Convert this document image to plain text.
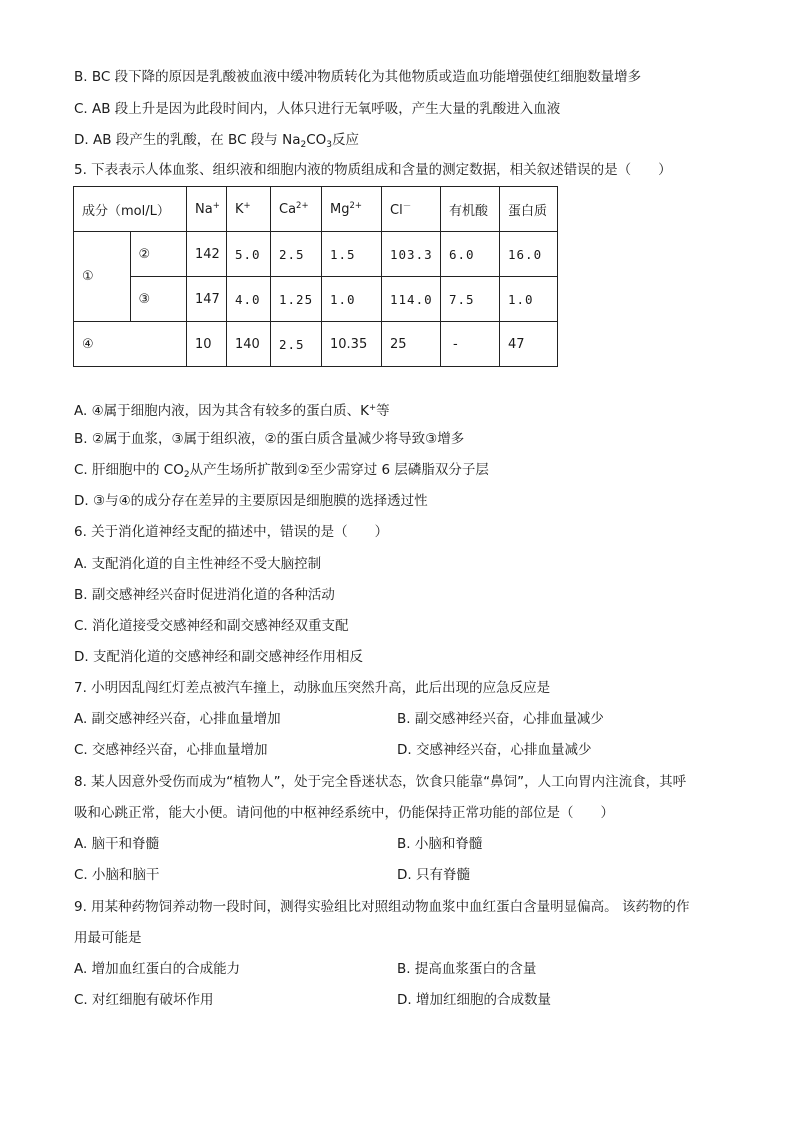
B. BC 段下降的原因是乳酸被血液中缓冲物质转化为其他物质或造血功能增强使红细胞数量增多
C. AB 段上升是因为此段时间内，人体只进行无氧呼吸，产生大量的乳酸进入血液
D. AB 段产生的乳酸，在 BC 段与 $Na_2CO_3$反应
5. 下表表示人体血浆、组织液和细胞内液的物质组成和含量的测定数据，相关叙述错误的是（　　）
成分（mol/L）		Na+	K+	$Ca^{2+}$	$Mg^{2+}$	Cl－	有机酸	蛋白质
①	②	142	5.0	2.5	1.5	103.3	6.0	16.0
	③	147	4.0	1.25	1.0	114.0	7.5	1.0
④		10	140	2.5	10.35	25	-	47
A. ④属于细胞内液，因为其含有较多的蛋白质、K+等
B. ②属于血浆，③属于组织液，②的蛋白质含量减少将导致③增多
C. 肝细胞中的 $CO_2$从产生场所扩散到②至少需穿过 6 层磷脂双分子层
D. ③与④的成分存在差异的主要原因是细胞膜的选择透过性
6. 关于消化道神经支配的描述中，错误的是（　　）
A. 支配消化道的自主性神经不受大脑控制
B. 副交感神经兴奋时促进消化道的各种活动
C. 消化道接受交感神经和副交感神经双重支配
D. 支配消化道的交感神经和副交感神经作用相反
7. 小明因乱闯红灯差点被汽车撞上，动脉血压突然升高，此后出现的应急反应是
A. 副交感神经兴奋，心排血量增加	B. 副交感神经兴奋，心排血量减少
C. 交感神经兴奋，心排血量增加	D. 交感神经兴奋，心排血量减少
8. 某人因意外受伤而成为“植物人”，处于完全昏迷状态，饮食只能靠“鼻饲”，人工向胃内注流食，其呼
吸和心跳正常，能大小便。请问他的中枢神经系统中，仍能保持正常功能的部位是（　　）
A. 脑干和脊髓	B. 小脑和脊髓
C. 小脑和脑干	D. 只有脊髓
9. 用某种药物饲养动物一段时间，测得实验组比对照组动物血浆中血红蛋白含量明显偏高。 该药物的作
用最可能是
A. 增加血红蛋白的合成能力	B. 提高血浆蛋白的含量
C. 对红细胞有破坏作用	D. 增加红细胞的合成数量
